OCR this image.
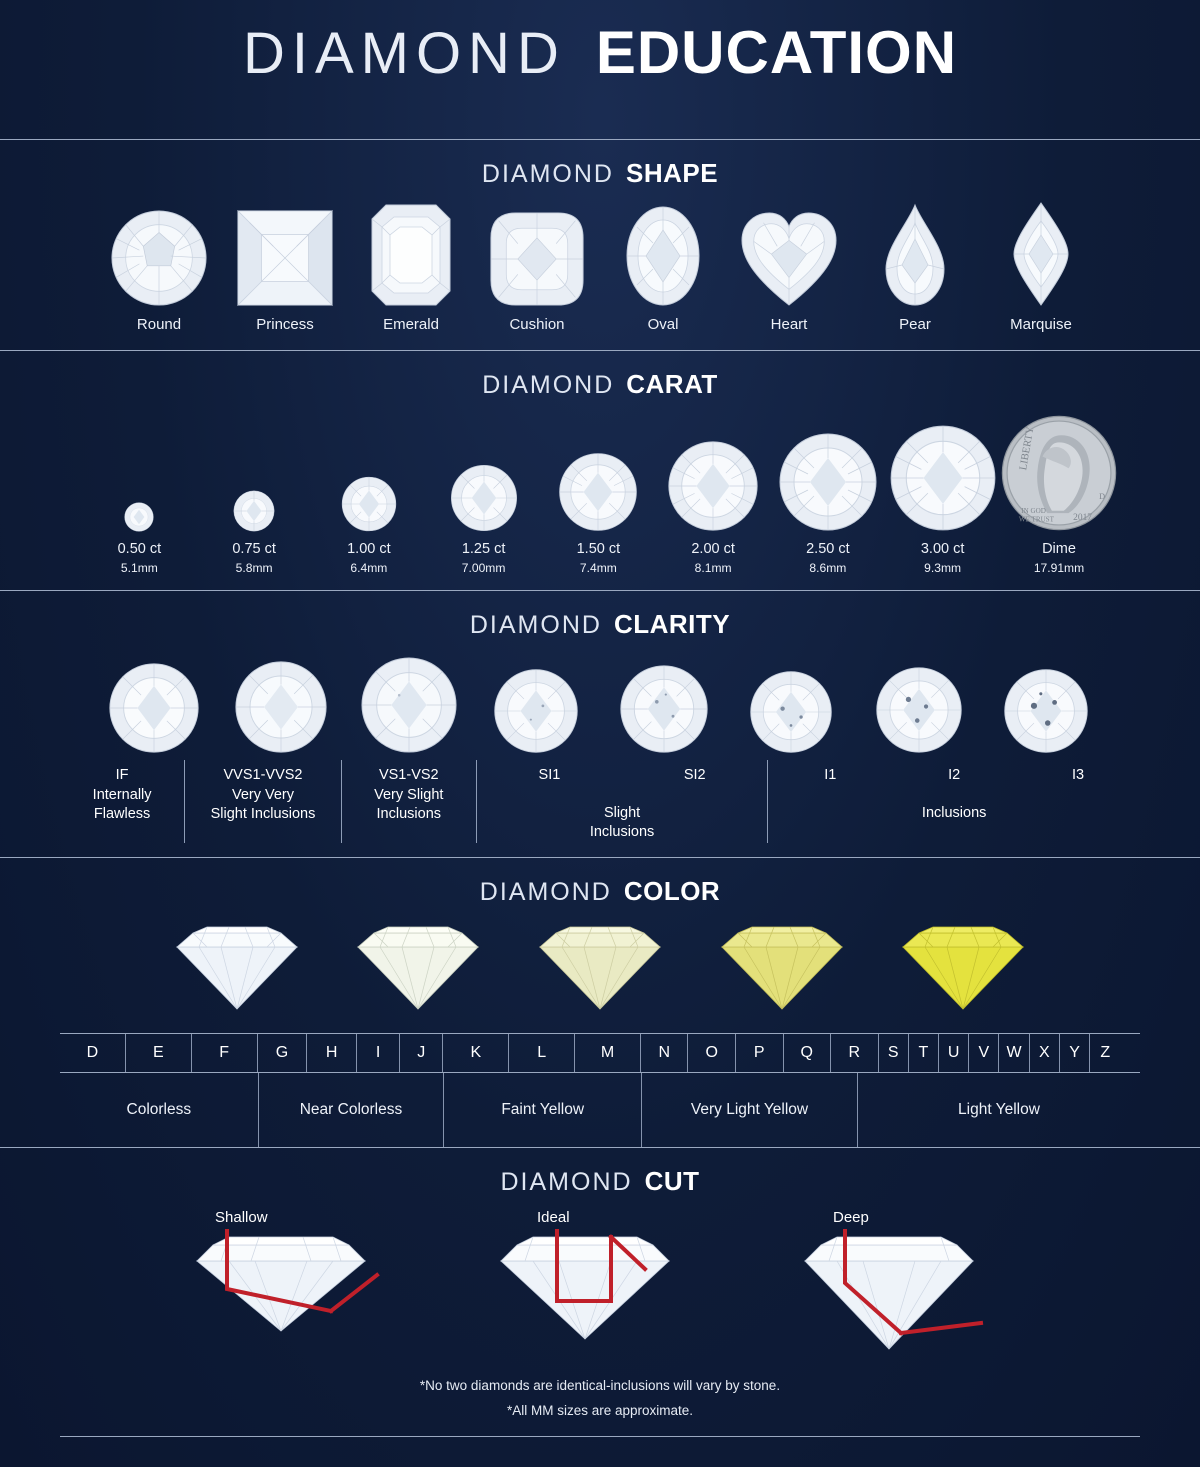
DIAMOND EDUCATION
DIAMOND SHAPE
Round	Princess	Emerald	Cushion	Oval	Heart	Pear	Marquise
DIAMOND CARAT
0.50 ct
5.1mm
0.75 ct
5.8mm
1.00 ct
6.4mm
1.25 ct
7.00mm
1.50 ct
7.4mm
2.00 ct
8.1mm
2.50 ct
8.6mm
3.00 ct
9.3mm
LIBERTY
IN GOD
WE TRUST 2017
D
Dime
17.91mm
DIAMOND CLARITY
IF
Internally
Flawless
VVS1-VVS2
Very Very
Slight Inclusions
VS1-VS2
Very Slight
Inclusions
SI1	SI2
Slight
Inclusions
I1	I2	I3
Inclusions
DIAMOND COLOR
D	E	F	G	H	I	J	K	L	M	N	O	P	Q	R	S	T	U	V	W	X	Y	Z
Colorless	Near Colorless	Faint Yellow	Very Light Yellow	Light Yellow
DIAMOND CUT
Shallow	Ideal	Deep
*No two diamonds are identical-inclusions will vary by stone.
*All MM sizes are approximate.
